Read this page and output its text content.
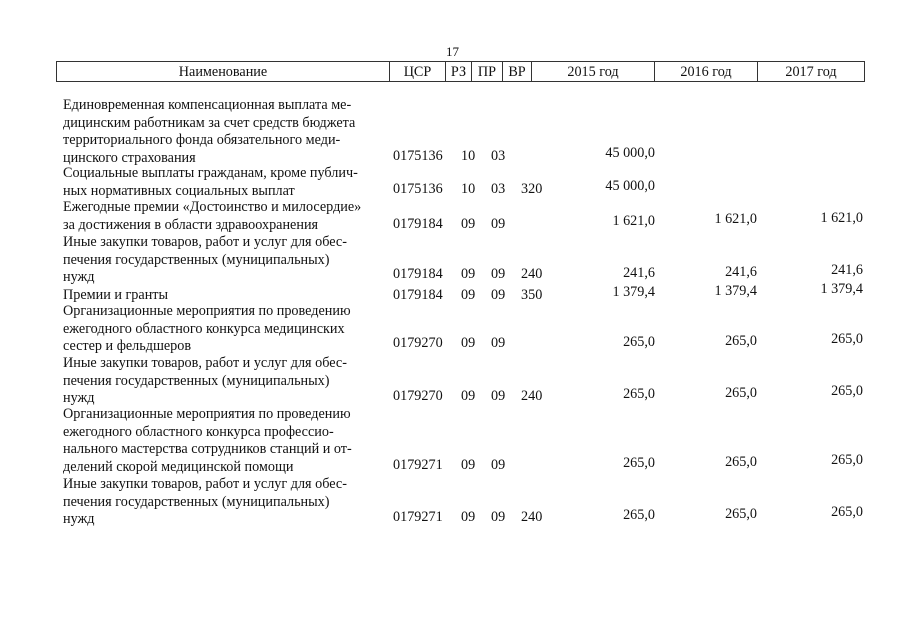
17
Наименование	ЦСР	РЗ ПР ВР	2015 год	2016 год	2017 год
Единовременная компенсационная выплата ме-
дицинским работникам за счет средств бюджета
территориального фонда обязательного меди-
цинского страхования	0175136 10 03	45 000,0
Социальные выплаты гражданам, кроме публич-
ных нормативных социальных выплат	0175136 10 03 320	45 000,0
Ежегодные премии «Достоинство и милосердие»
за достижения в области здравоохранения	0179184 09 09	1 621,0	1 621,0	1 621,0
Иные закупки товаров, работ и услуг для обес-
печения государственных (муниципальных)
нужд	0179184 09 09 240	241,6	241,6	241,6
Премии и гранты	0179184 09 09 350	1 379,4	1 379,4	1 379,4
Организационные мероприятия по проведению
ежегодного областного конкурса медицинских
сестер и фельдшеров	0179270 09 09	265,0	265,0	265,0
Иные закупки товаров, работ и услуг для обес-
печения государственных (муниципальных)
нужд	0179270 09 09 240	265,0	265,0	265,0
Организационные мероприятия по проведению
ежегодного областного конкурса профессио-
нального мастерства сотрудников станций и от-
делений скорой медицинской помощи	0179271 09 09	265,0	265,0	265,0
Иные закупки товаров, работ и услуг для обес-
печения государственных (муниципальных)
нужд	0179271 09 09 240	265,0	265,0	265,0
